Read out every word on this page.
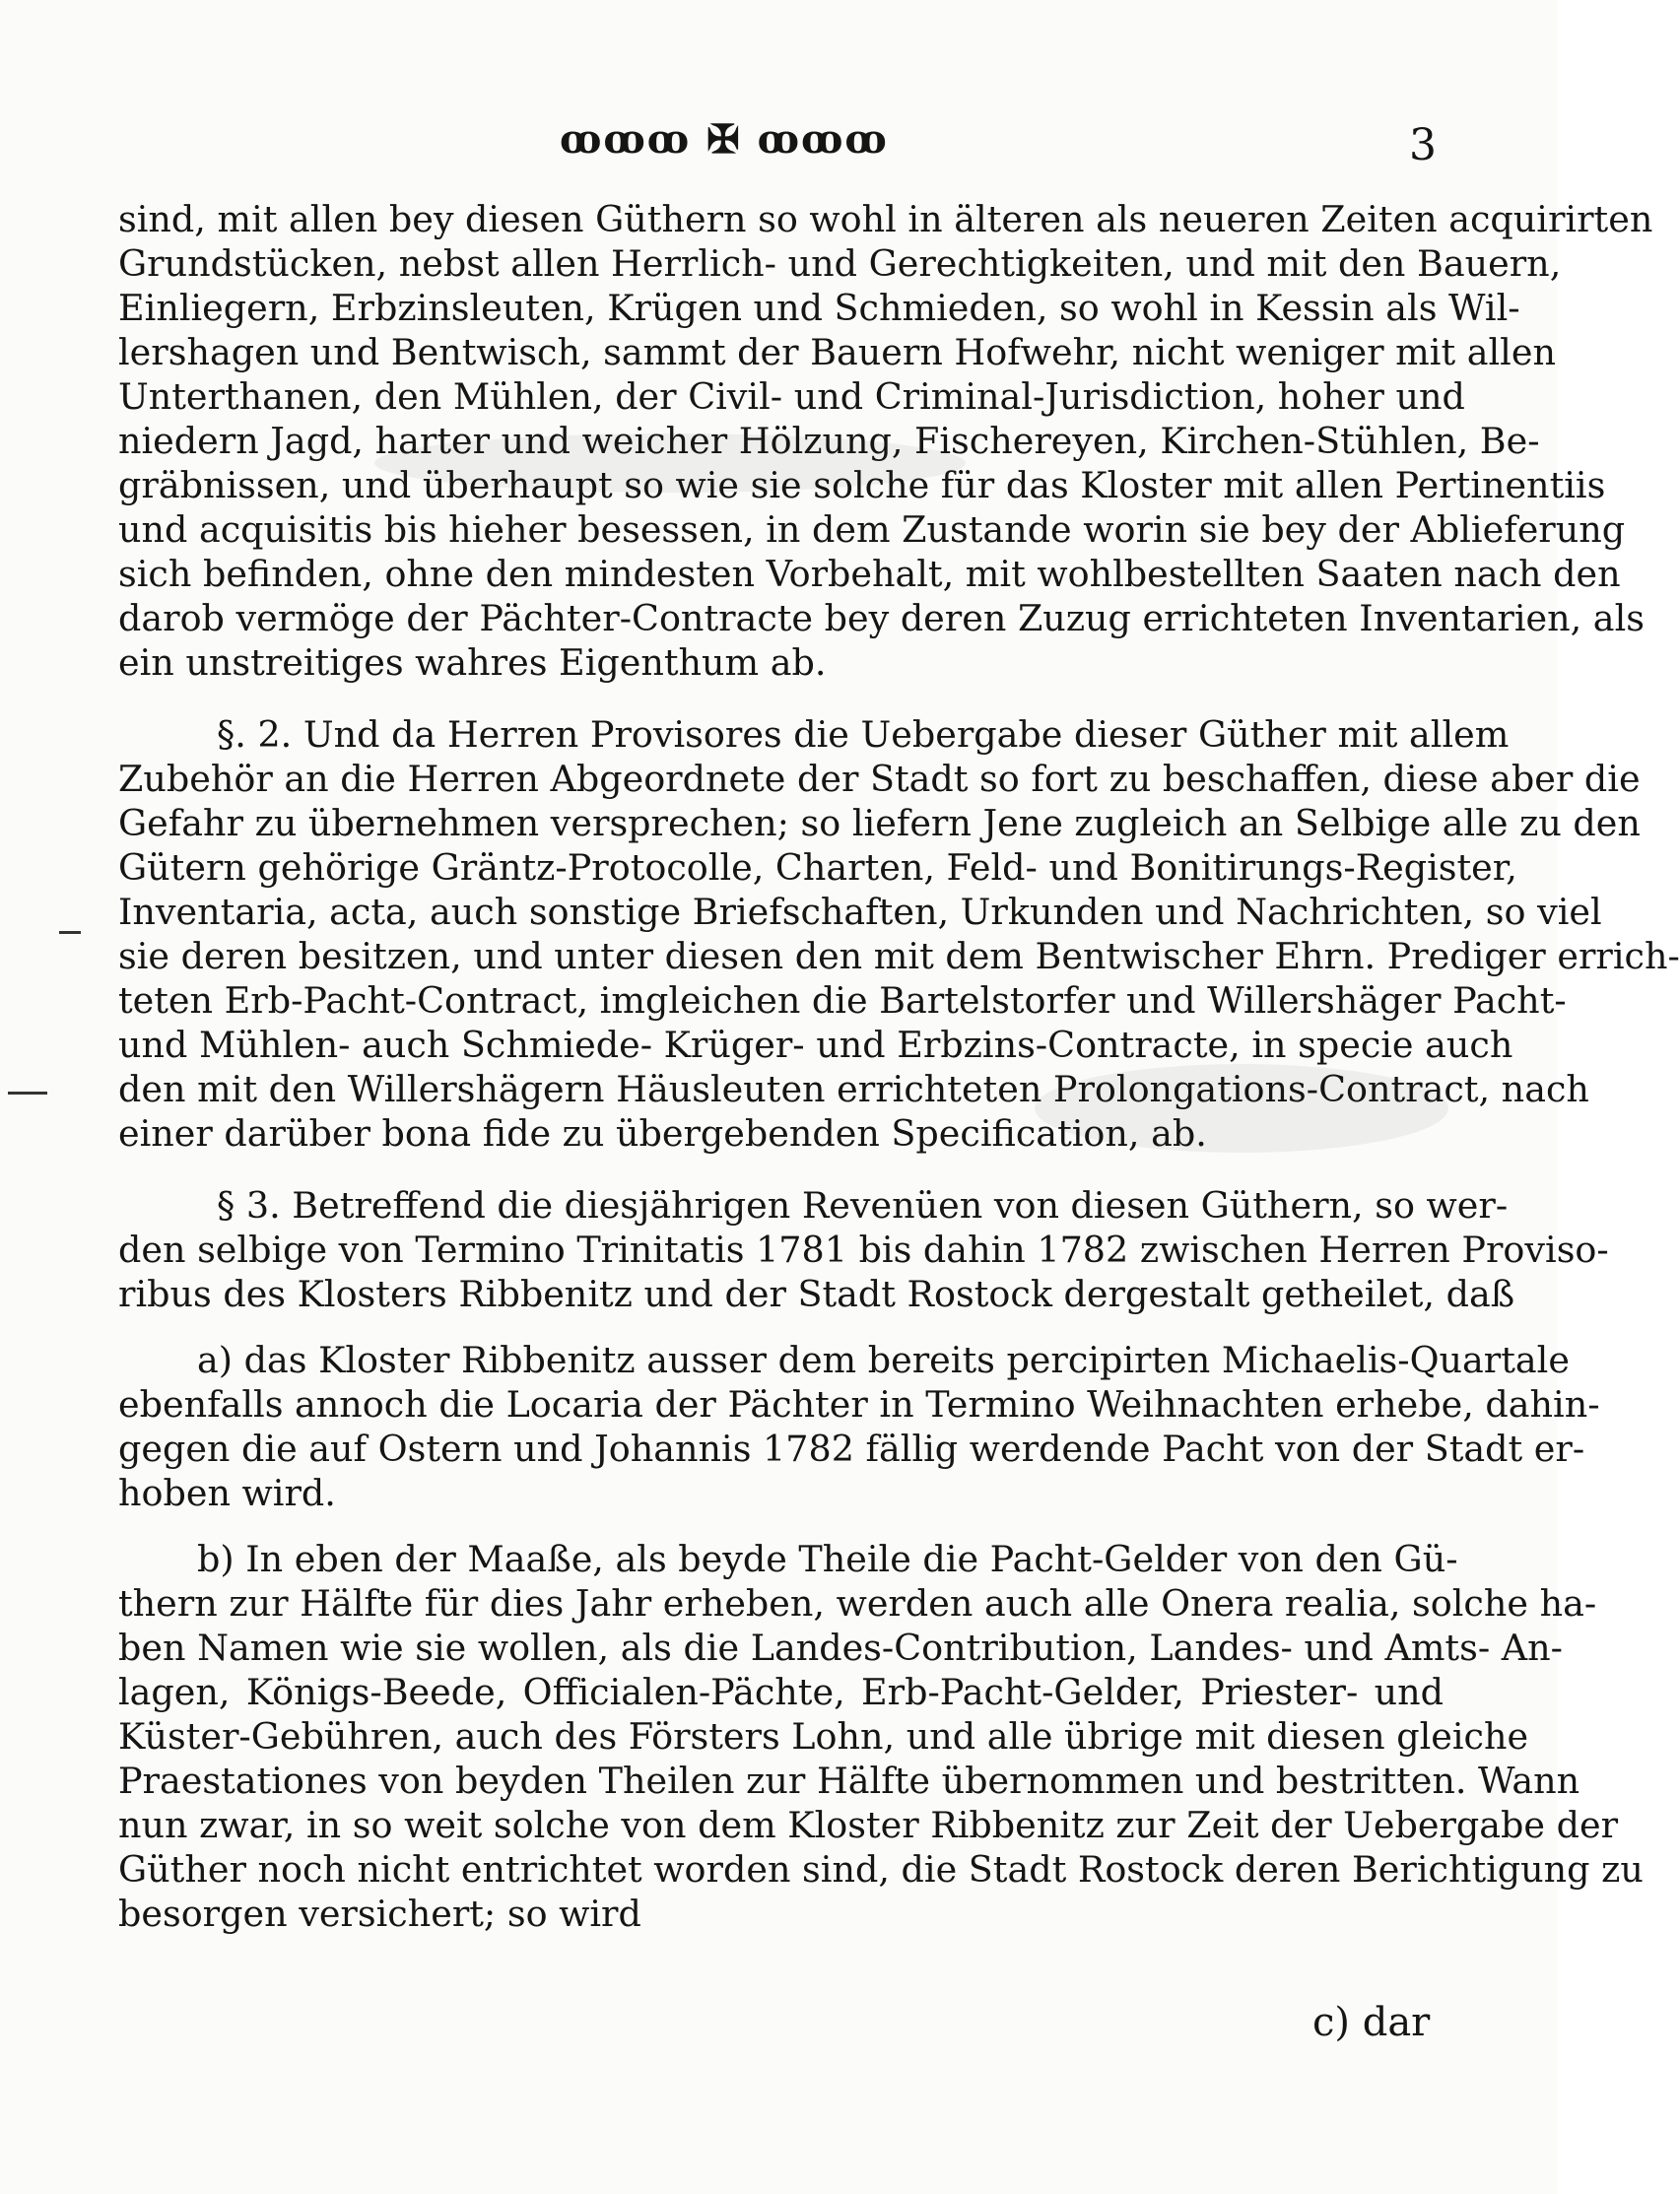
ꝏꝏꝏ ✠ ꝏꝏꝏ	3

sind, mit allen bey diesen Güthern so wohl in älteren als neueren Zeiten acquirirten
Grundstücken, nebst allen Herrlich- und Gerechtigkeiten, und mit den Bauern,
Einliegern, Erbzinsleuten, Krügen und Schmieden, so wohl in Kessin als Wil-
lershagen und Bentwisch, sammt der Bauern Hofwehr, nicht weniger mit allen
Unterthanen, den Mühlen, der Civil- und Criminal-Jurisdiction, hoher und
niedern Jagd, harter und weicher Hölzung, Fischereyen, Kirchen-Stühlen, Be-
gräbnissen, und überhaupt so wie sie solche für das Kloster mit allen Pertinentiis
und acquisitis bis hieher besessen, in dem Zustande worin sie bey der Ablieferung
sich befinden, ohne den mindesten Vorbehalt, mit wohlbestellten Saaten nach den
darob vermöge der Pächter-Contracte bey deren Zuzug errichteten Inventarien, als
ein unstreitiges wahres Eigenthum ab.

§. 2. Und da Herren Provisores die Uebergabe dieser Güther mit allem
Zubehör an die Herren Abgeordnete der Stadt so fort zu beschaffen, diese aber die
Gefahr zu übernehmen versprechen; so liefern Jene zugleich an Selbige alle zu den
Gütern gehörige Gräntz-Protocolle, Charten, Feld- und Bonitirungs-Register,
Inventaria, acta, auch sonstige Briefschaften, Urkunden und Nachrichten, so viel
sie deren besitzen, und unter diesen den mit dem Bentwischer Ehrn. Prediger errich-
teten Erb-Pacht-Contract, imgleichen die Bartelstorfer und Willershäger Pacht-
und Mühlen- auch Schmiede- Krüger- und Erbzins-Contracte, in specie auch
den mit den Willershägern Häusleuten errichteten Prolongations-Contract, nach
einer darüber bona fide zu übergebenden Specification, ab.

§ 3. Betreffend die diesjährigen Revenüen von diesen Güthern, so wer-
den selbige von Termino Trinitatis 1781 bis dahin 1782 zwischen Herren Proviso-
ribus des Klosters Ribbenitz und der Stadt Rostock dergestalt getheilet, daß

a) das Kloster Ribbenitz ausser dem bereits percipirten Michaelis-Quartale
ebenfalls annoch die Locaria der Pächter in Termino Weihnachten erhebe, dahin-
gegen die auf Ostern und Johannis 1782 fällig werdende Pacht von der Stadt er-
hoben wird.

b) In eben der Maaße, als beyde Theile die Pacht-Gelder von den Gü-
thern zur Hälfte für dies Jahr erheben, werden auch alle Onera realia, solche ha-
ben Namen wie sie wollen, als die Landes-Contribution, Landes- und Amts- An-
lagen, Königs-Beede, Officialen-Pächte, Erb-Pacht-Gelder, Priester- und
Küster-Gebühren, auch des Försters Lohn, und alle übrige mit diesen gleiche
Praestationes von beyden Theilen zur Hälfte übernommen und bestritten. Wann
nun zwar, in so weit solche von dem Kloster Ribbenitz zur Zeit der Uebergabe der
Güther noch nicht entrichtet worden sind, die Stadt Rostock deren Berichtigung zu
besorgen versichert; so wird

c) dar
